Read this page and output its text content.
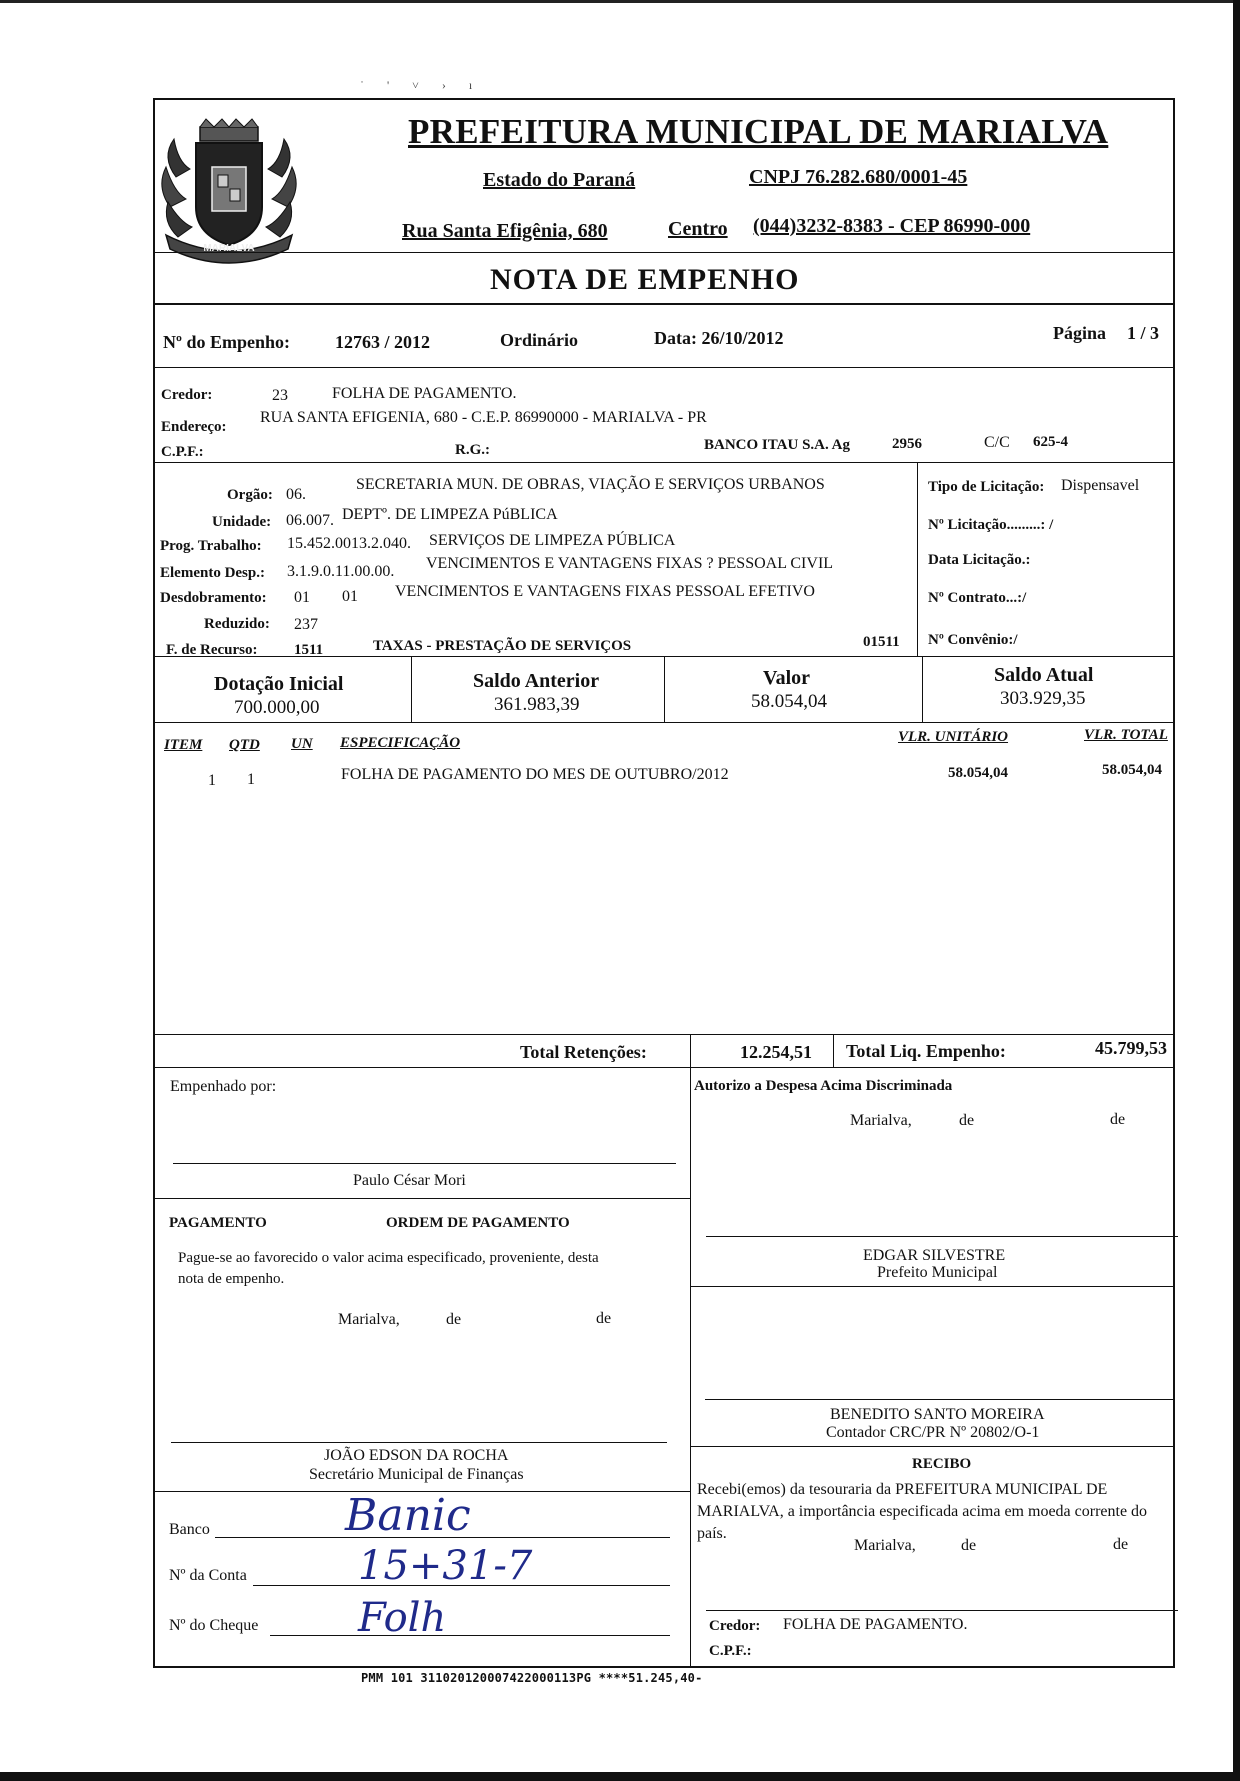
˙ ' ˅ › ı
MARIALVA
PREFEITURA MUNICIPAL DE MARIALVA
Estado do Paraná	CNPJ 76.282.680/0001-45
Rua Santa Efigênia, 680	Centro (044)3232-8383 - CEP 86990-000
NOTA DE EMPENHO
Nº do Empenho:	12763 / 2012	Ordinário	Data: 26/10/2012	Página 1 / 3
Credor:	23	FOLHA DE PAGAMENTO.
Endereço:
RUA SANTA EFIGENIA, 680 - C.E.P. 86990000 - MARIALVA - PR
C.P.F.:	R.G.:	BANCO ITAU S.A. Ag	2956	C/C 625-4
Orgão: 06.
SECRETARIA MUN. DE OBRAS, VIAÇÃO E SERVIÇOS URBANOS
Unidade: 06.007. DEPTº. DE LIMPEZA PúBLICA
Prog. Trabalho: 15.452.0013.2.040. SERVIÇOS DE LIMPEZA PÚBLICA
Elemento Desp.: 3.1.9.0.11.00.00. VENCIMENTOS E VANTAGENS FIXAS ? PESSOAL CIVIL
Desdobramento: 01 01 VENCIMENTOS E VANTAGENS FIXAS PESSOAL EFETIVO
Reduzido: 237
F. de Recurso: 1511	TAXAS - PRESTAÇÃO DE SERVIÇOS	01511
Tipo de Licitação: Dispensavel
Nº Licitação.........: /
Data Licitação.:
Nº Contrato...:/
Nº Convênio:/
Dotação Inicial
700.000,00
Saldo Anterior
361.983,39
Valor
58.054,04
Saldo Atual
303.929,35
ITEM QTD UN ESPECIFICAÇÃO	VLR. UNITÁRIO	VLR. TOTAL
1 1	FOLHA DE PAGAMENTO DO MES DE OUTUBRO/2012	58.054,04	58.054,04
Total Retenções:	12.254,51 Total Liq. Empenho:	45.799,53
Empenhado por:
Paulo César Mori
Autorizo a Despesa Acima Discriminada
Marialva,	de	de
EDGAR SILVESTRE
Prefeito Municipal
PAGAMENTO	ORDEM DE PAGAMENTO
Pague-se ao favorecido o valor acima especificado, proveniente, desta
nota de empenho.
Marialva,	de	de
BENEDITO SANTO MOREIRA
Contador CRC/PR Nº 20802/O-1
JOÃO EDSON DA ROCHA
Secretário Municipal de Finanças
RECIBO
Recebi(emos) da tesouraria da PREFEITURA MUNICIPAL DE
MARIALVA, a importância especificada acima em moeda corrente do
país.
Marialva,	de	de
Credor: FOLHA DE PAGAMENTO.
C.P.F.:
Banco	Banic
Nº da Conta	15+31-7
Nº do Cheque Folh
PMM 101 311020120007422000113PG ****51.245,40-
